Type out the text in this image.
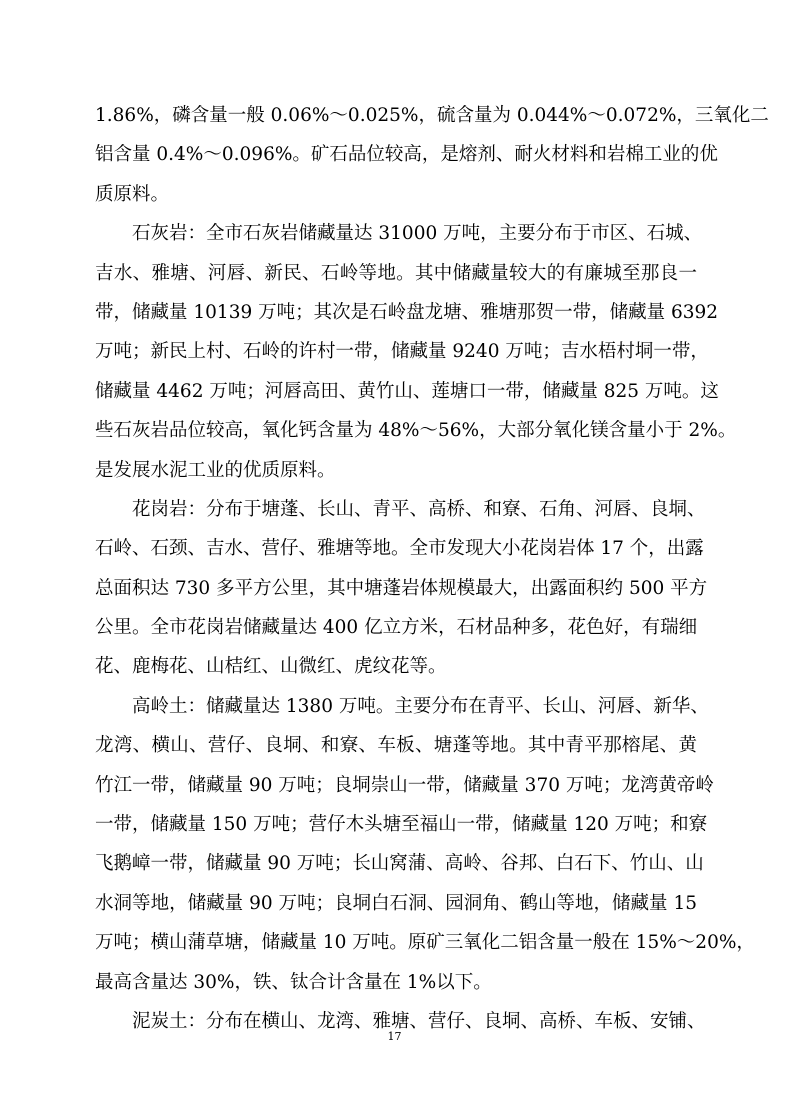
1.86%，磷含量一般 0.06%～0.025%，硫含量为 0.044%～0.072%，三氧化二
铝含量 0.4%～0.096%。矿石品位较高，是熔剂、耐火材料和岩棉工业的优
质原料。
石灰岩：全市石灰岩储藏量达 31000 万吨，主要分布于市区、石城、
吉水、雅塘、河唇、新民、石岭等地。其中储藏量较大的有廉城至那良一
带，储藏量 10139 万吨；其次是石岭盘龙塘、雅塘那贺一带，储藏量 6392
万吨；新民上村、石岭的许村一带，储藏量 9240 万吨；吉水梧村垌一带，
储藏量 4462 万吨；河唇高田、黄竹山、莲塘口一带，储藏量 825 万吨。这
些石灰岩品位较高，氧化钙含量为 48%～56%，大部分氧化镁含量小于 2%。
是发展水泥工业的优质原料。
花岗岩：分布于塘蓬、长山、青平、高桥、和寮、石角、河唇、良垌、
石岭、石颈、吉水、营仔、雅塘等地。全市发现大小花岗岩体 17 个，出露
总面积达 730 多平方公里，其中塘蓬岩体规模最大，出露面积约 500 平方
公里。全市花岗岩储藏量达 400 亿立方米，石材品种多，花色好，有瑞细
花、鹿梅花、山桔红、山微红、虎纹花等。
高岭土：储藏量达 1380 万吨。主要分布在青平、长山、河唇、新华、
龙湾、横山、营仔、良垌、和寮、车板、塘蓬等地。其中青平那榕尾、黄
竹江一带，储藏量 90 万吨；良垌崇山一带，储藏量 370 万吨；龙湾黄帝岭
一带，储藏量 150 万吨；营仔木头塘至福山一带，储藏量 120 万吨；和寮
飞鹅嶂一带，储藏量 90 万吨；长山窝蒲、高岭、谷邦、白石下、竹山、山
水洞等地，储藏量 90 万吨；良垌白石洞、园洞角、鹤山等地，储藏量 15
万吨；横山蒲草塘，储藏量 10 万吨。原矿三氧化二铝含量一般在 15%～20%，
最高含量达 30%，铁、钛合计含量在 1%以下。
泥炭土：分布在横山、龙湾、雅塘、营仔、良垌、高桥、车板、安铺、
17
